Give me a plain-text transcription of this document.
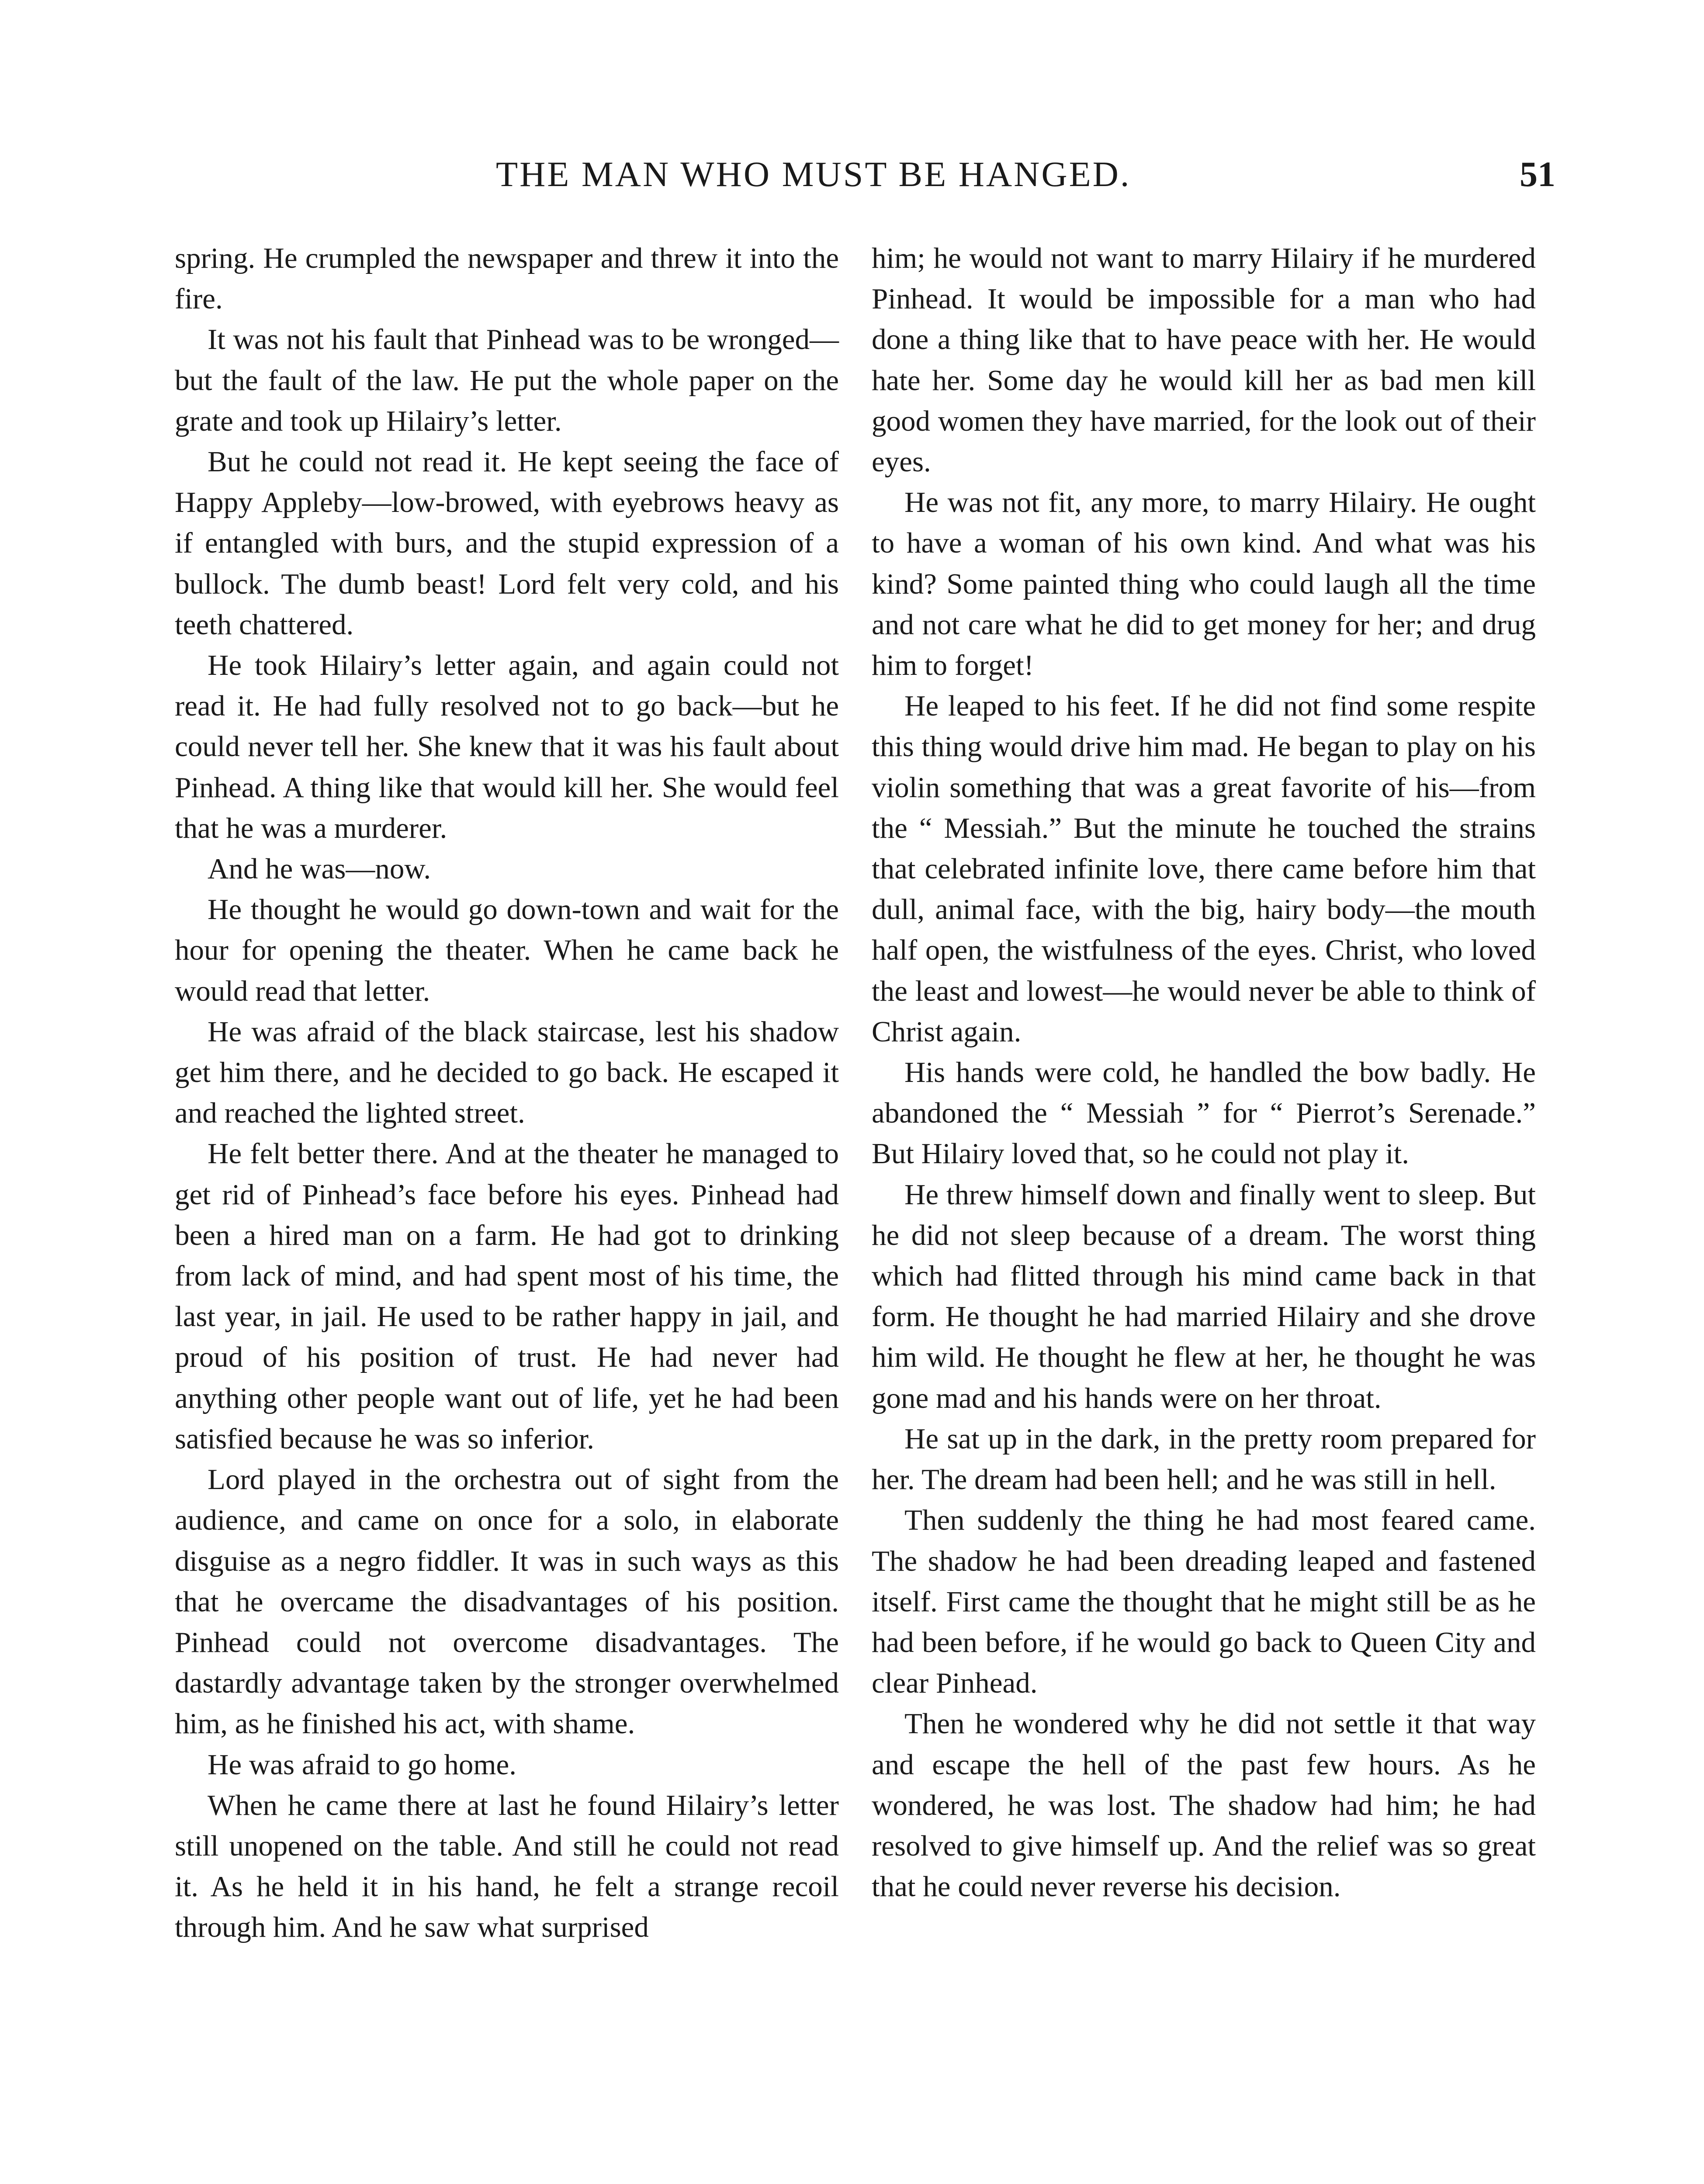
THE MAN WHO MUST BE HANGED.	51

spring. He crumpled the newspaper and threw it into the fire.

It was not his fault that Pinhead was to be wronged—but the fault of the law. He put the whole paper on the grate and took up Hilairy’s letter.

But he could not read it. He kept seeing the face of Happy Appleby—low-browed, with eyebrows heavy as if entangled with burs, and the stupid expression of a bullock. The dumb beast! Lord felt very cold, and his teeth chattered.

He took Hilairy’s letter again, and again could not read it. He had fully resolved not to go back—but he could never tell her. She knew that it was his fault about Pinhead. A thing like that would kill her. She would feel that he was a murderer.

And he was—now.

He thought he would go down-town and wait for the hour for opening the theater. When he came back he would read that letter.

He was afraid of the black staircase, lest his shadow get him there, and he decided to go back. He escaped it and reached the lighted street.

He felt better there. And at the theater he managed to get rid of Pinhead’s face before his eyes. Pinhead had been a hired man on a farm. He had got to drinking from lack of mind, and had spent most of his time, the last year, in jail. He used to be rather happy in jail, and proud of his position of trust. He had never had anything other people want out of life, yet he had been satisfied because he was so inferior.

Lord played in the orchestra out of sight from the audience, and came on once for a solo, in elaborate disguise as a negro fiddler. It was in such ways as this that he overcame the disadvantages of his position. Pinhead could not overcome disadvantages. The dastardly advantage taken by the stronger overwhelmed him, as he finished his act, with shame.

He was afraid to go home.

When he came there at last he found Hilairy’s letter still unopened on the table. And still he could not read it. As he held it in his hand, he felt a strange recoil through him. And he saw what surprised

him; he would not want to marry Hilairy if he murdered Pinhead. It would be impossible for a man who had done a thing like that to have peace with her. He would hate her. Some day he would kill her as bad men kill good women they have married, for the look out of their eyes.

He was not fit, any more, to marry Hilairy. He ought to have a woman of his own kind. And what was his kind? Some painted thing who could laugh all the time and not care what he did to get money for her; and drug him to forget!

He leaped to his feet. If he did not find some respite this thing would drive him mad. He began to play on his violin something that was a great favorite of his—from the “ Messiah.” But the minute he touched the strains that celebrated infinite love, there came before him that dull, animal face, with the big, hairy body—the mouth half open, the wistfulness of the eyes. Christ, who loved the least and lowest—he would never be able to think of Christ again.

His hands were cold, he handled the bow badly. He abandoned the “ Messiah ” for “ Pierrot’s Serenade.” But Hilairy loved that, so he could not play it.

He threw himself down and finally went to sleep. But he did not sleep because of a dream. The worst thing which had flitted through his mind came back in that form. He thought he had married Hilairy and she drove him wild. He thought he flew at her, he thought he was gone mad and his hands were on her throat.

He sat up in the dark, in the pretty room prepared for her. The dream had been hell; and he was still in hell.

Then suddenly the thing he had most feared came. The shadow he had been dreading leaped and fastened itself. First came the thought that he might still be as he had been before, if he would go back to Queen City and clear Pinhead.

Then he wondered why he did not settle it that way and escape the hell of the past few hours. As he wondered, he was lost. The shadow had him; he had resolved to give himself up. And the relief was so great that he could never reverse his decision.
